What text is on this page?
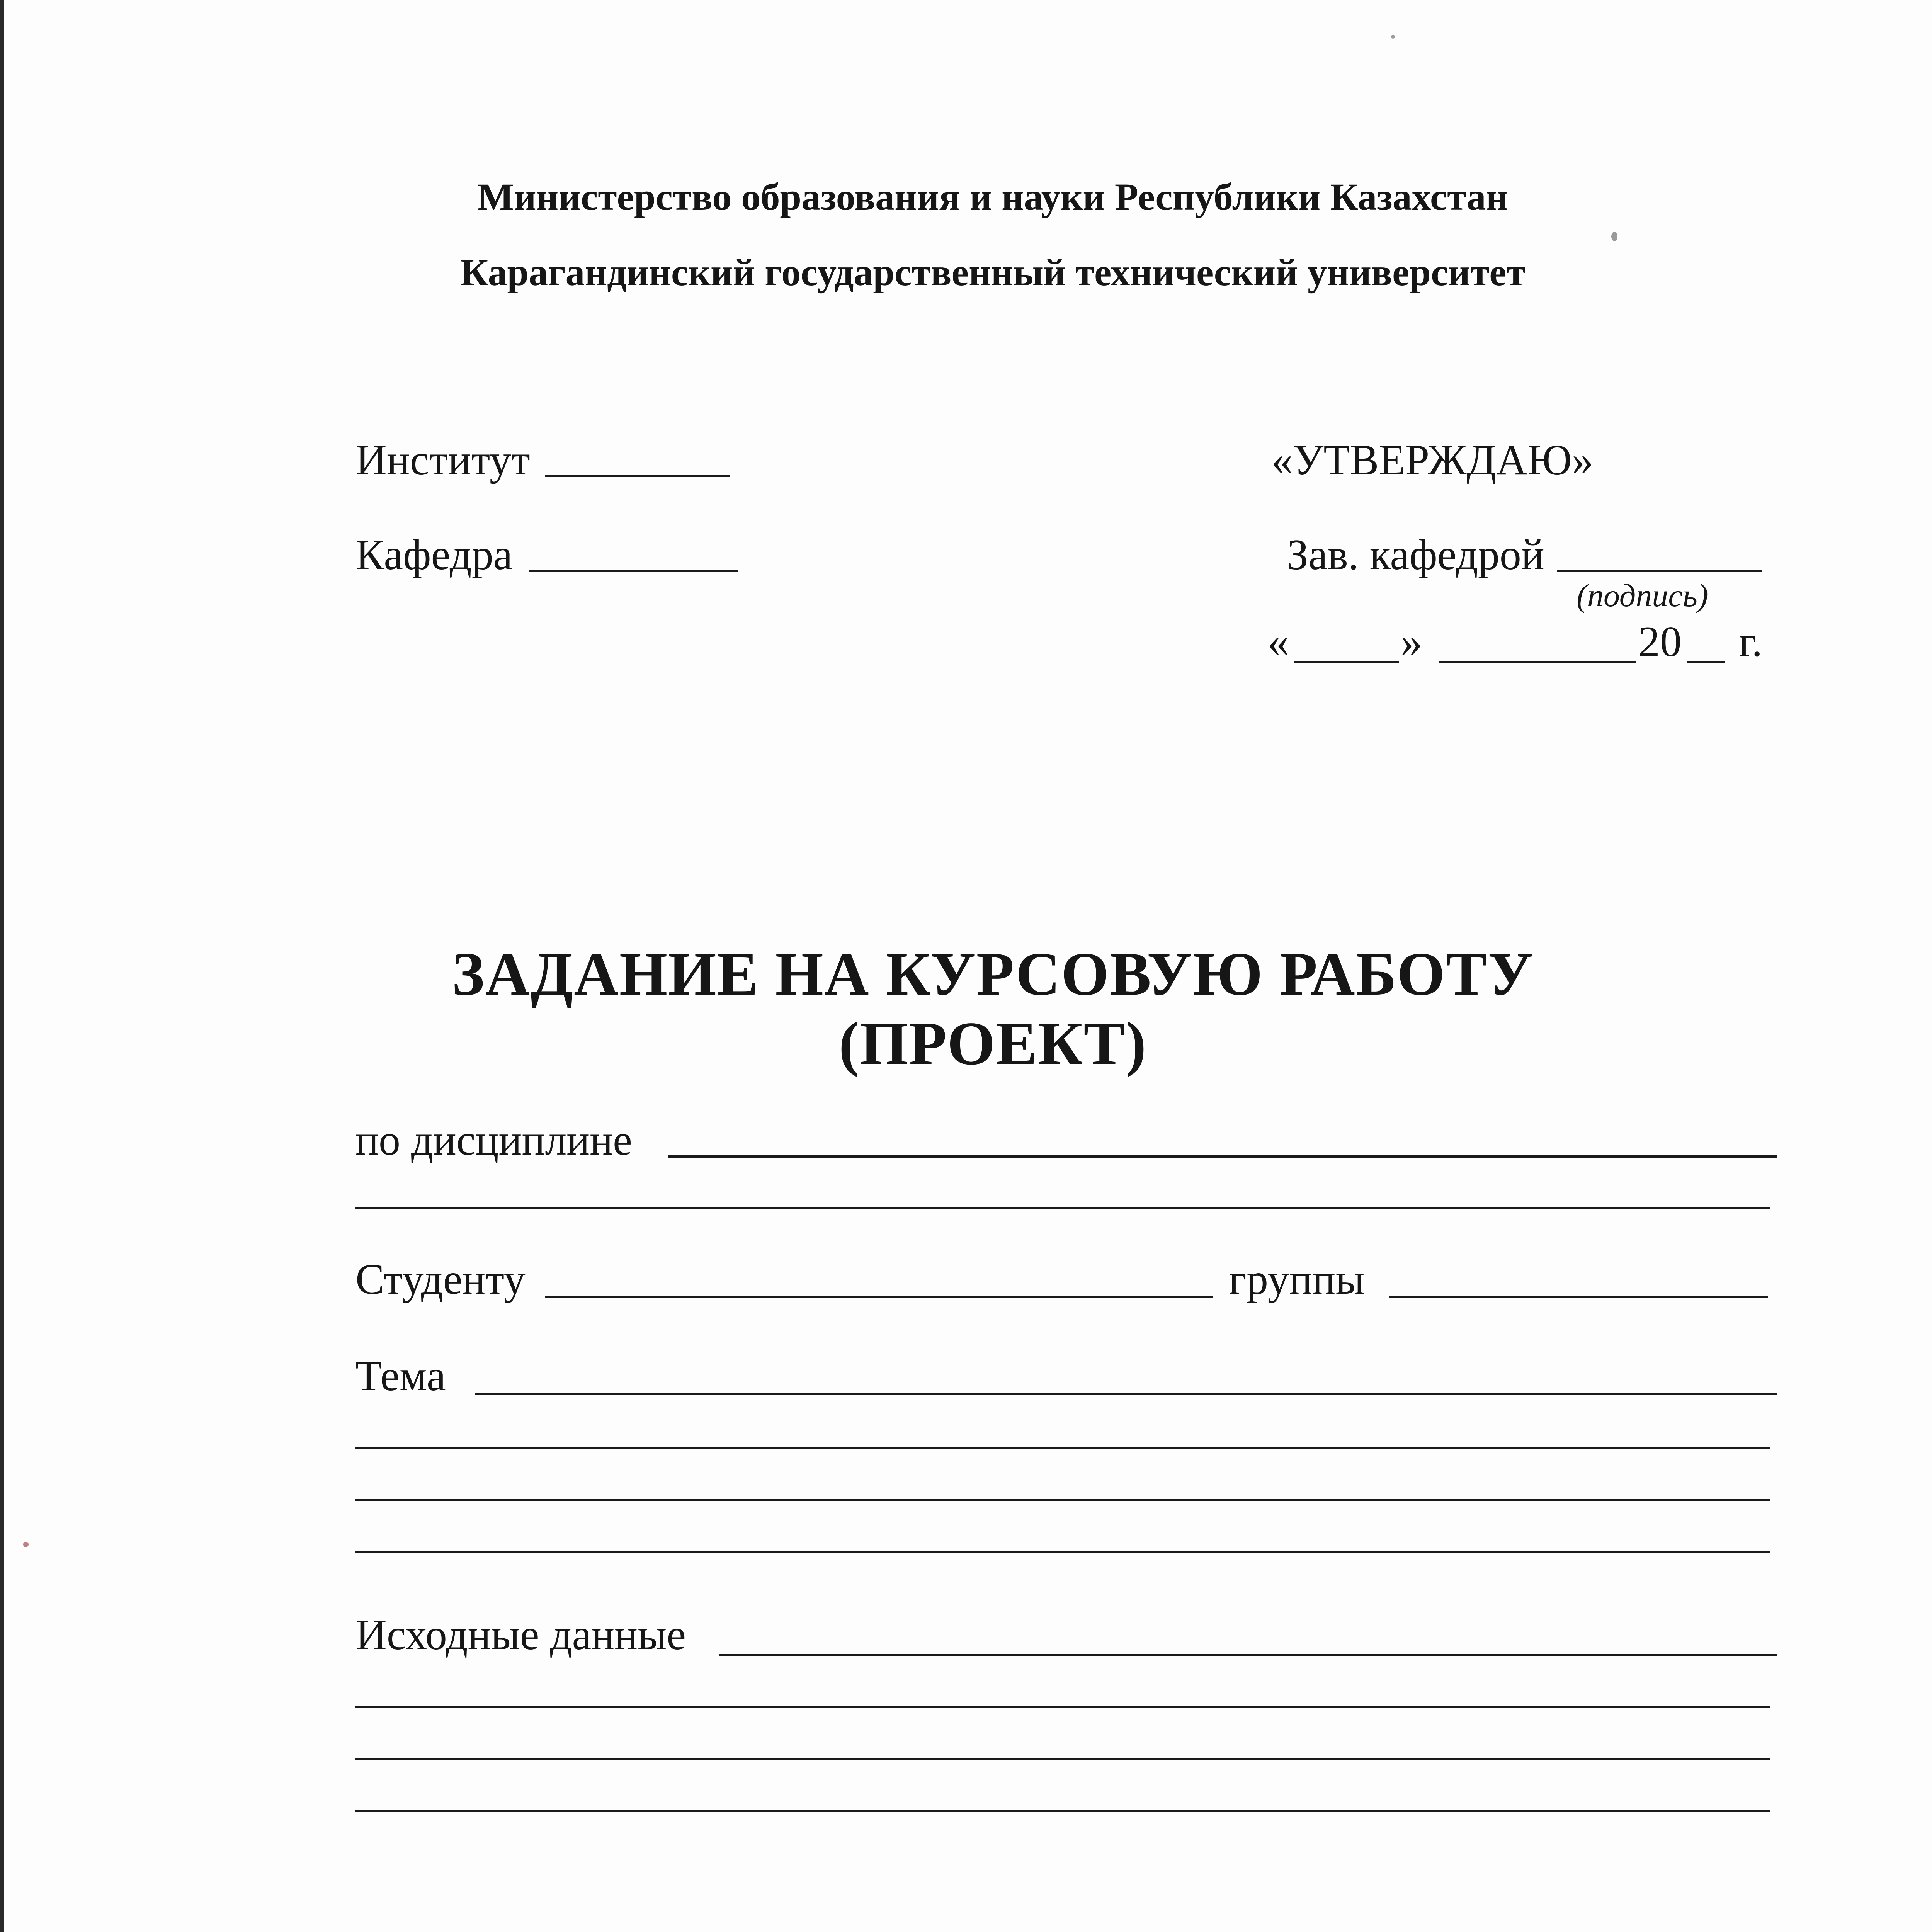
Министерство образования и науки Республики Казахстан
Карагандинский государственный технический университет
Институт
Кафедра
«УТВЕРЖДАЮ»
Зав. кафедрой
(подпись)
«	»	20 г.
ЗАДАНИЕ НА КУРСОВУЮ РАБОТУ
(ПРОЕКТ)
по дисциплине
Студенту	группы
Тема
Исходные данные
